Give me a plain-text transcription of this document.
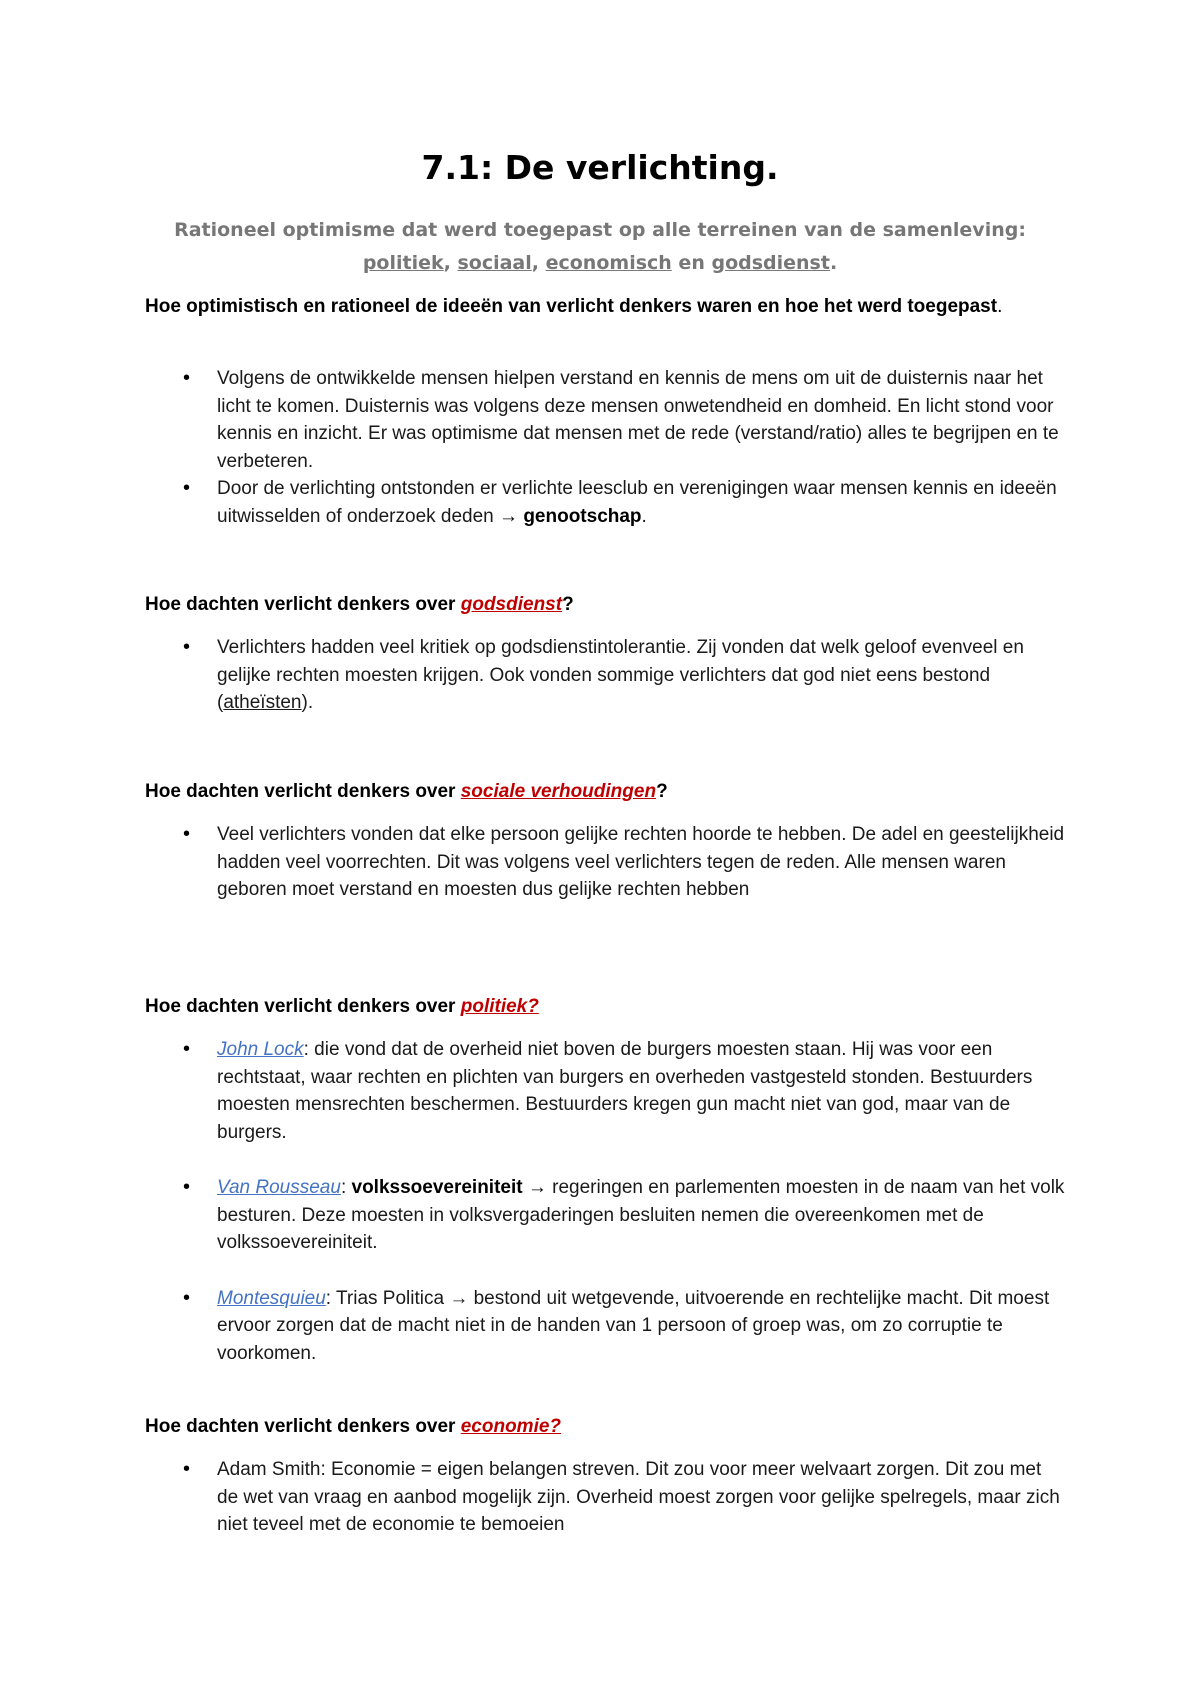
7.1: De verlichting.

Rationeel optimisme dat werd toegepast op alle terreinen van de samenleving:
politiek, sociaal, economisch en godsdienst.

Hoe optimistisch en rationeel de ideeën van verlicht denkers waren en hoe het werd toegepast.

• Volgens de ontwikkelde mensen hielpen verstand en kennis de mens om uit de duisternis naar het licht te komen. Duisternis was volgens deze mensen onwetendheid en domheid. En licht stond voor kennis en inzicht. Er was optimisme dat mensen met de rede (verstand/ratio) alles te begrijpen en te verbeteren.
• Door de verlichting ontstonden er verlichte leesclub en verenigingen waar mensen kennis en ideeën uitwisselden of onderzoek deden → genootschap.

Hoe dachten verlicht denkers over godsdienst?

• Verlichters hadden veel kritiek op godsdienstintolerantie. Zij vonden dat welk geloof evenveel en gelijke rechten moesten krijgen. Ook vonden sommige verlichters dat god niet eens bestond (atheïsten).

Hoe dachten verlicht denkers over sociale verhoudingen?

• Veel verlichters vonden dat elke persoon gelijke rechten hoorde te hebben. De adel en geestelijkheid hadden veel voorrechten. Dit was volgens veel verlichters tegen de reden. Alle mensen waren geboren moet verstand en moesten dus gelijke rechten hebben

Hoe dachten verlicht denkers over politiek?

• John Lock: die vond dat de overheid niet boven de burgers moesten staan. Hij was voor een rechtstaat, waar rechten en plichten van burgers en overheden vastgesteld stonden. Bestuurders moesten mensrechten beschermen. Bestuurders kregen gun macht niet van god, maar van de burgers.
• Van Rousseau: volkssoevereiniteit → regeringen en parlementen moesten in de naam van het volk besturen. Deze moesten in volksvergaderingen besluiten nemen die overeenkomen met de volkssoevereiniteit.
• Montesquieu: Trias Politica → bestond uit wetgevende, uitvoerende en rechtelijke macht. Dit moest ervoor zorgen dat de macht niet in de handen van 1 persoon of groep was, om zo corruptie te voorkomen.

Hoe dachten verlicht denkers over economie?

• Adam Smith: Economie = eigen belangen streven. Dit zou voor meer welvaart zorgen. Dit zou met de wet van vraag en aanbod mogelijk zijn. Overheid moest zorgen voor gelijke spelregels, maar zich niet teveel met de economie te bemoeien
